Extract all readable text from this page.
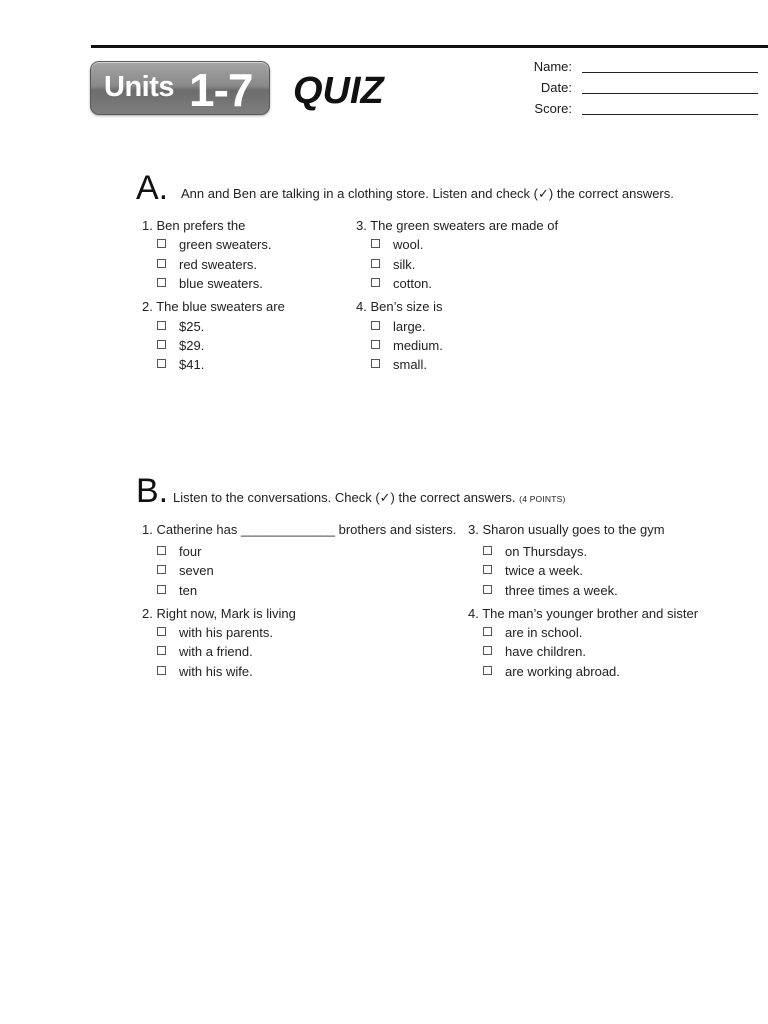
Units 1-7 QUIZ
Name:
Date:
Score:
A. Ann and Ben are talking in a clothing store. Listen and check (✓) the correct answers.
1. Ben prefers the
green sweaters.
red sweaters.
blue sweaters.
2. The blue sweaters are
$25.
$29.
$41.
3. The green sweaters are made of
wool.
silk.
cotton.
4. Ben’s size is
large.
medium.
small.
B. Listen to the conversations. Check (✓) the correct answers. (4 POINTS)
1. Catherine has _____________ brothers and sisters.
four
seven
ten
2. Right now, Mark is living
with his parents.
with a friend.
with his wife.
3. Sharon usually goes to the gym
on Thursdays.
twice a week.
three times a week.
4. The man’s younger brother and sister
are in school.
have children.
are working abroad.
